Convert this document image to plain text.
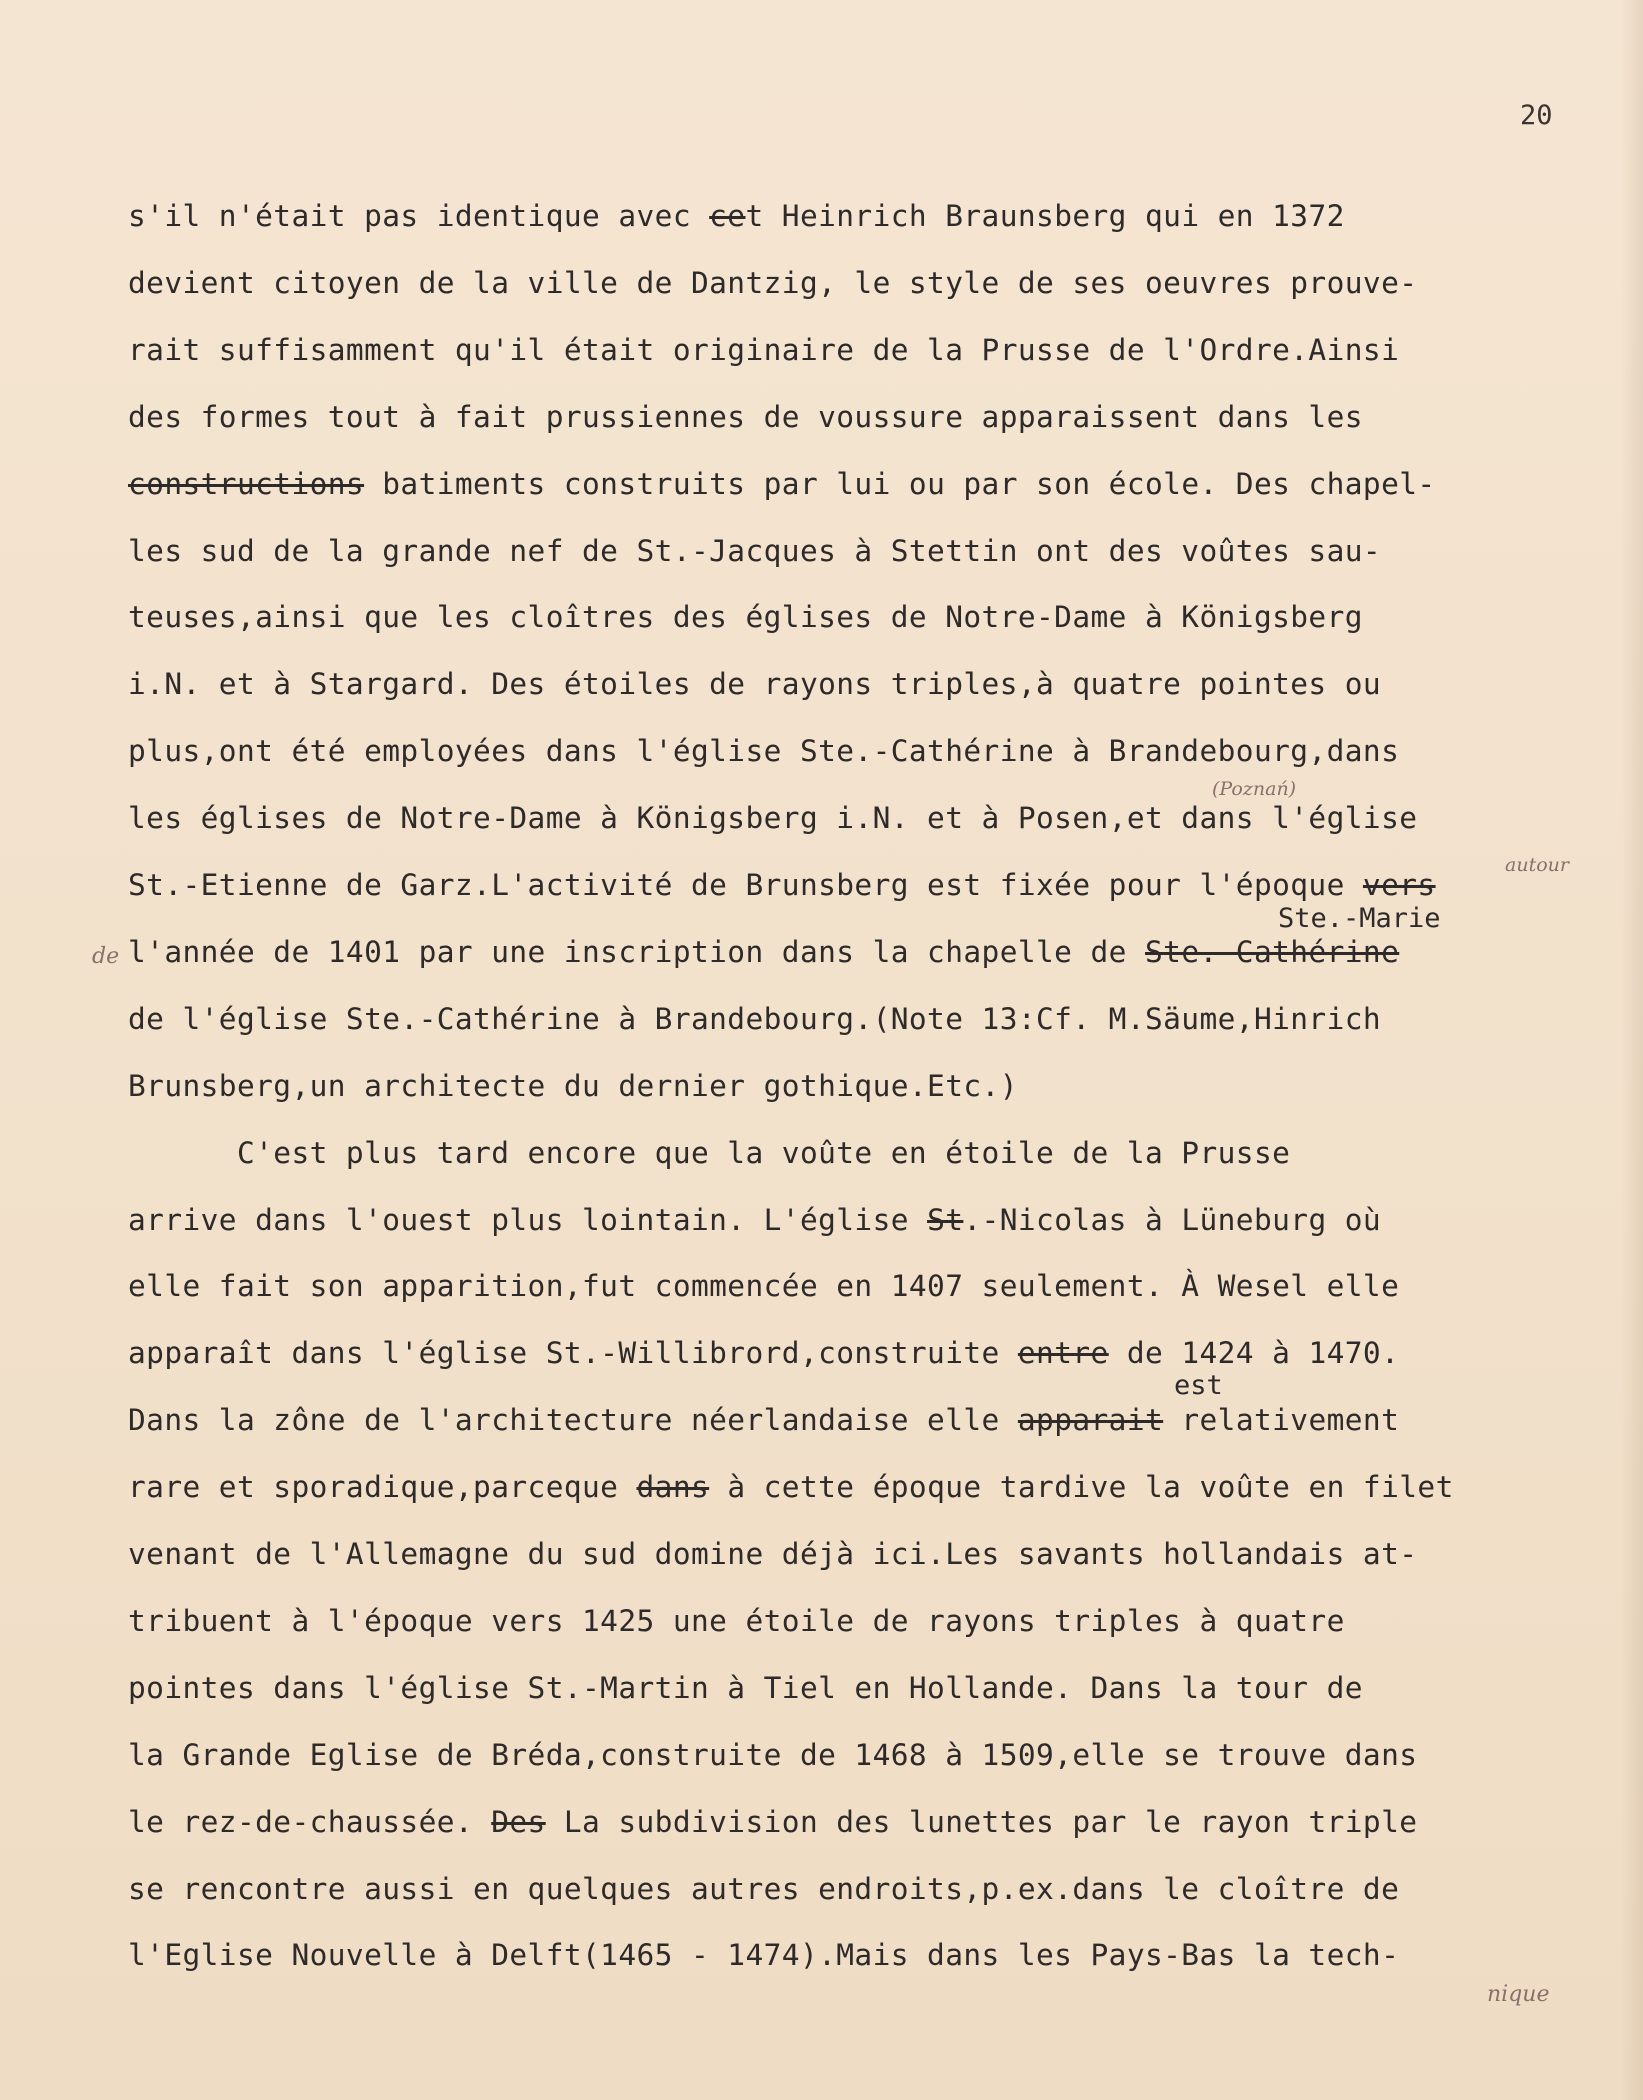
20
s'il n'était pas identique avec cet Heinrich Braunsberg qui en 1372
devient citoyen de la ville de Dantzig, le style de ses oeuvres prouve-
rait suffisamment qu'il était originaire de la Prusse de l'Ordre.Ainsi
des formes tout à fait prussiennes de voussure apparaissent dans les
constructions batiments construits par lui ou par son école. Des chapel-
les sud de la grande nef de St.-Jacques à Stettin ont des voûtes sau-
teuses,ainsi que les cloîtres des églises de Notre-Dame à Königsberg
i.N. et à Stargard. Des étoiles de rayons triples,à quatre pointes ou
plus,ont été employées dans l'église Ste.-Cathérine à Brandebourg,dans
les églises de Notre-Dame à Königsberg i.N. et à Posen,et dans l'église
St.-Etienne de Garz.L'activité de Brunsberg est fixée pour l'époque vers
l'année de 1401 par une inscription dans la chapelle de Ste.-Cathérine
de l'église Ste.-Cathérine à Brandebourg.(Note 13:Cf. M.Säume,Hinrich
Brunsberg,un architecte du dernier gothique.Etc.)
C'est plus tard encore que la voûte en étoile de la Prusse
arrive dans l'ouest plus lointain. L'église St.-Nicolas à Lüneburg où
elle fait son apparition,fut commencée en 1407 seulement. À Wesel elle
apparaît dans l'église St.-Willibrord,construite entre de 1424 à 1470.
Dans la zône de l'architecture néerlandaise elle apparait relativement
rare et sporadique,parceque dans à cette époque tardive la voûte en filet
venant de l'Allemagne du sud domine déjà ici.Les savants hollandais at-
tribuent à l'époque vers 1425 une étoile de rayons triples à quatre
pointes dans l'église St.-Martin à Tiel en Hollande. Dans la tour de
la Grande Eglise de Bréda,construite de 1468 à 1509,elle se trouve dans
le rez-de-chaussée. Des La subdivision des lunettes par le rayon triple
se rencontre aussi en quelques autres endroits,p.ex.dans le cloître de
l'Eglise Nouvelle à Delft(1465 - 1474).Mais dans les Pays-Bas la tech-
Ste.-Marie
est
(Poznań)
autour
de
nique
